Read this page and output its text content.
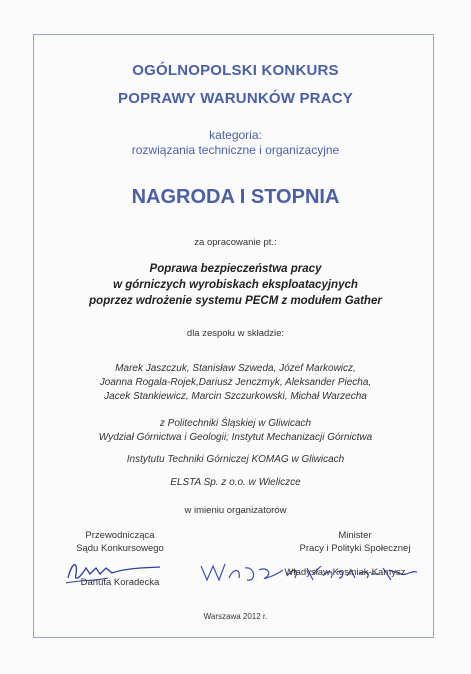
OGÓLNOPOLSKI KONKURS
POPRAWY WARUNKÓW PRACY
kategoria:
rozwiązania techniczne i organizacyjne
NAGRODA I STOPNIA
za opracowanie pt.:
Poprawa bezpieczeństwa pracy
w górniczych wyrobiskach eksploatacyjnych
poprzez wdrożenie systemu PECM z modułem Gather
dla zespołu w składzie:
Marek Jaszczuk, Stanisław Szweda, Józef Markowicz,
Joanna Rogala-Rojek,Dariusz Jenczmyk, Aleksander Piecha,
Jacek Stankiewicz, Marcin Szczurkowski, Michał Warzecha
z Politechniki Śląskiej w Gliwicach
Wydział Górnictwa i Geologii; Instytut Mechanizacji Górnictwa
Instytutu Techniki Górniczej KOMAG w Gliwicach
ELSTA Sp. z o.o. w Wieliczce
w imieniu organizatorów
Przewodnicząca
Sądu Konkursowego
Danuta Koradecka
Minister
Pracy i Polityki Społecznej
Władysław Kosiniak-Kamysz
Warszawa 2012 r.
